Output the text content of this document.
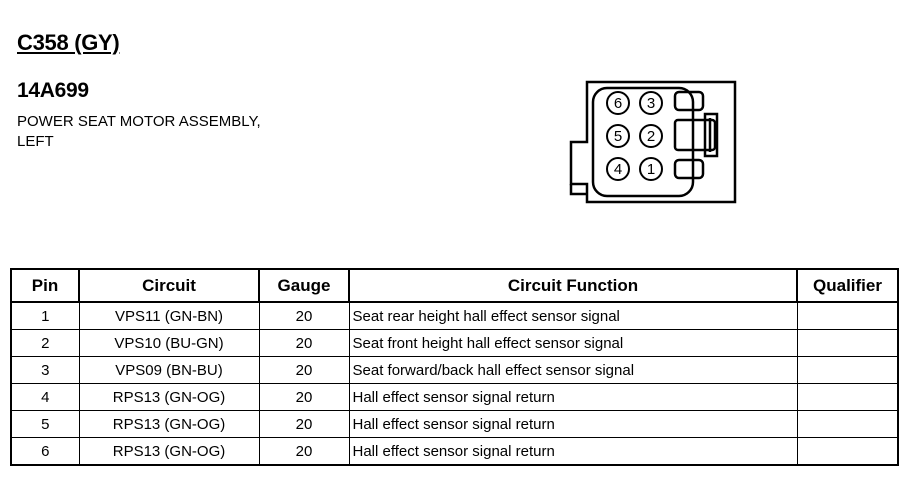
C358 (GY)
14A699
POWER SEAT MOTOR ASSEMBLY,
LEFT
6 3
5 2
4 1
Pin	Circuit	Gauge	Circuit Function	Qualifier
1	VPS11 (GN-BN)	20	Seat rear height hall effect sensor signal	
2	VPS10 (BU-GN)	20	Seat front height hall effect sensor signal	
3	VPS09 (BN-BU)	20	Seat forward/back hall effect sensor signal	
4	RPS13 (GN-OG)	20	Hall effect sensor signal return	
5	RPS13 (GN-OG)	20	Hall effect sensor signal return	
6	RPS13 (GN-OG)	20	Hall effect sensor signal return	
